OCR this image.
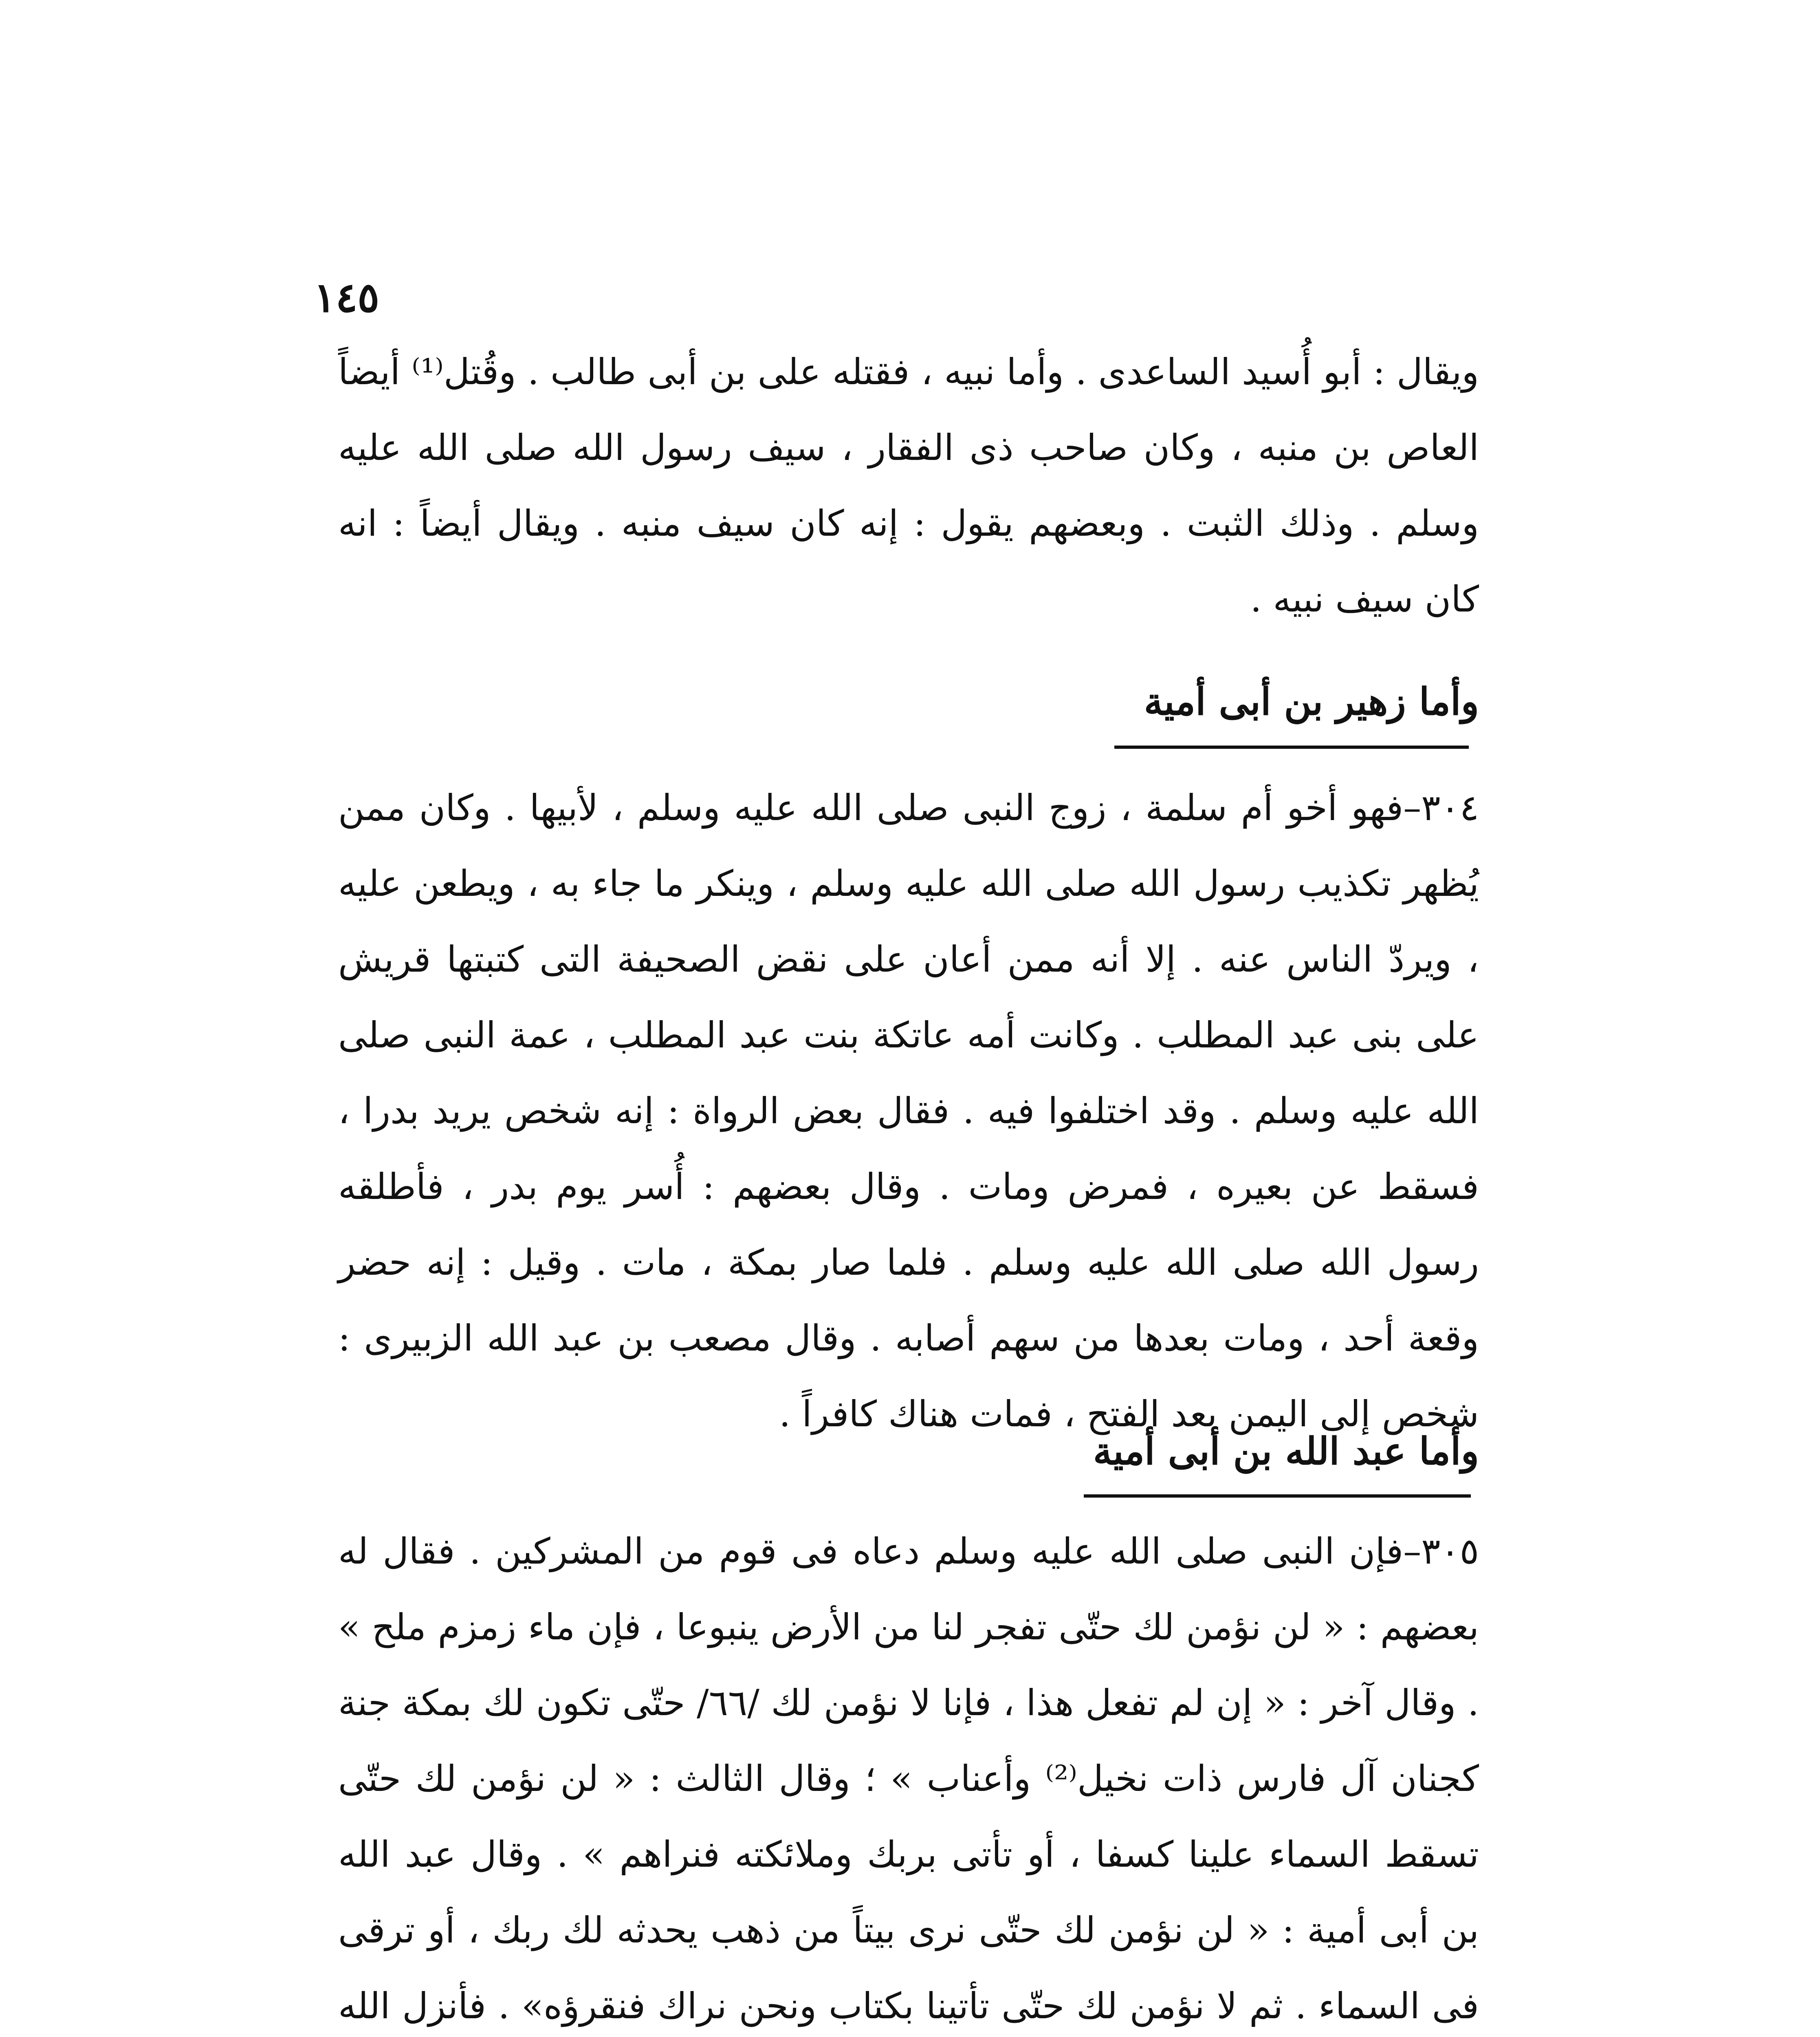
١٤٥

ويقال : أبو أُسيد الساعدى . وأما نبيه ، فقتله على بن أبى طالب . وقُتل⁽¹⁾ أيضاً العاص بن منبه ، وكان صاحب ذى الفقار ، سيف رسول الله صلى الله عليه وسلم . وذلك الثبت . وبعضهم يقول : إنه كان سيف منبه . ويقال أيضاً : انه كان سيف نبيه .

وأما زهير بن أبى أمية

٣٠٤–فهو أخو أم سلمة ، زوج النبى صلى الله عليه وسلم ، لأبيها . وكان ممن يُظهر تكذيب رسول الله صلى الله عليه وسلم ، وينكر ما جاء به ، ويطعن عليه ، ويردّ الناس عنه . إلا أنه ممن أعان على نقض الصحيفة التى كتبتها قريش على بنى عبد المطلب . وكانت أمه عاتكة بنت عبد المطلب ، عمة النبى صلى الله عليه وسلم . وقد اختلفوا فيه . فقال بعض الرواة : إنه شخص يريد بدرا ، فسقط عن بعيره ، فمرض ومات . وقال بعضهم : أُسر يوم بدر ، فأطلقه رسول الله صلى الله عليه وسلم . فلما صار بمكة ، مات . وقيل : إنه حضر وقعة أحد ، ومات بعدها من سهم أصابه . وقال مصعب بن عبد الله الزبيرى : شخص إلى اليمن بعد الفتح ، فمات هناك كافراً .

وأما عبد الله بن أبى أمية

٣٠٥–فإن النبى صلى الله عليه وسلم دعاه فى قوم من المشركين . فقال له بعضهم : « لن نؤمن لك حتّى تفجر لنا من الأرض ينبوعا ، فإن ماء زمزم ملح » . وقال آخر : « إن لم تفعل هذا ، فإنا لا نؤمن لك /٦٦/ حتّى تكون لك بمكة جنة كجنان آل فارس ذات نخيل⁽²⁾ وأعناب » ؛ وقال الثالث : « لن نؤمن لك حتّى تسقط السماء علينا كسفا ، أو تأتى بربك وملائكته فنراهم » . وقال عبد الله بن أبى أمية : « لن نؤمن لك حتّى نرى بيتاً من ذهب يحدثه لك ربك ، أو ترقى فى السماء . ثم لا نؤمن لك حتّى تأتينا بكتاب ونحن نراك فنقرؤه» . فأنزل الله
